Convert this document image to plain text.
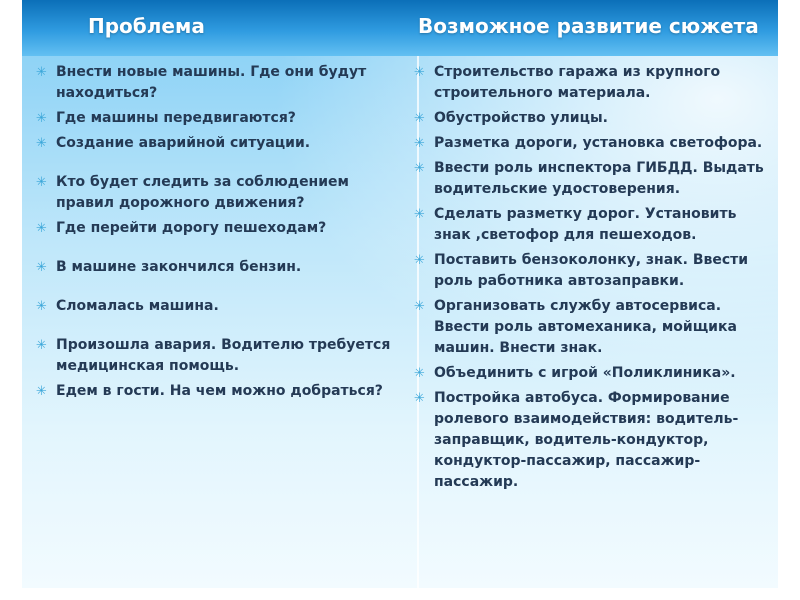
Проблема	Возможное развитие сюжета
✳ Внести новые машины. Где они будут находиться?
✳ Где машины передвигаются?
✳ Создание аварийной ситуации.
✳ Кто будет следить за соблюдением правил дорожного движения?
✳ Где перейти дорогу пешеходам?
✳ В машине закончился бензин.
✳ Сломалась машина.
✳ Произошла авария. Водителю требуется медицинская помощь.
✳ Едем в гости. На чем можно добраться?
✳ Строительство гаража из крупного строительного материала.
✳ Обустройство улицы.
✳ Разметка дороги, установка светофора.
✳ Ввести роль инспектора ГИБДД. Выдать водительские удостоверения.
✳ Сделать разметку дорог. Установить знак ,светофор для пешеходов.
✳ Поставить бензоколонку, знак. Ввести роль работника автозаправки.
✳ Организовать службу автосервиса. Ввести роль автомеханика, мойщика машин. Внести знак.
✳ Объединить с игрой «Поликлиника».
✳ Постройка автобуса. Формирование ролевого взаимодействия: водитель-заправщик, водитель-кондуктор, кондуктор-пассажир, пассажир-пассажир.
